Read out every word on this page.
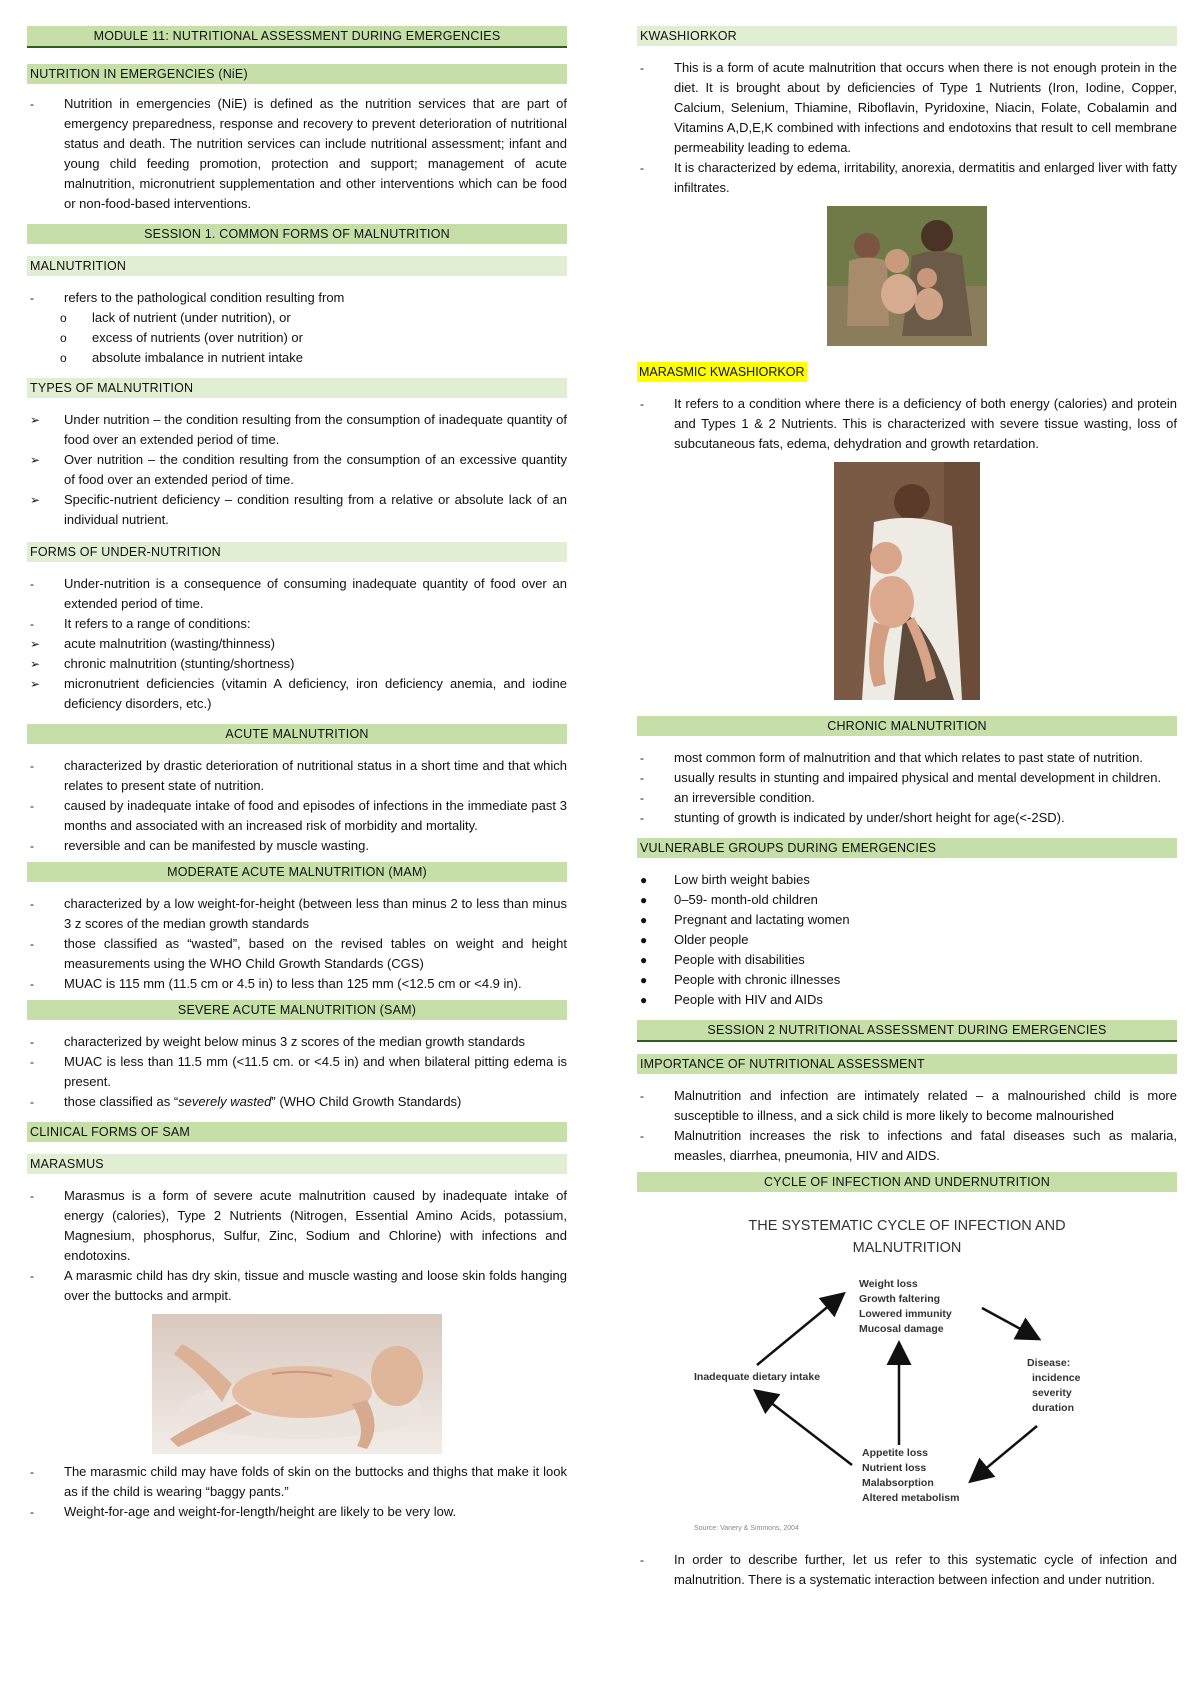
MODULE 11: NUTRITIONAL ASSESSMENT DURING EMERGENCIES
NUTRITION IN EMERGENCIES (NiE)
-	Nutrition in emergencies (NiE) is defined as the nutrition services that are part of emergency preparedness, response and recovery to prevent deterioration of nutritional status and death. The nutrition services can include nutritional assessment; infant and young child feeding promotion, protection and support; management of acute malnutrition, micronutrient supplementation and other interventions which can be food or non-food-based interventions.
SESSION 1. COMMON FORMS OF MALNUTRITION
MALNUTRITION
-	refers to the pathological condition resulting from
o	lack of nutrient (under nutrition), or
o	excess of nutrients (over nutrition) or
o	absolute imbalance in nutrient intake
TYPES OF MALNUTRITION
➢	Under nutrition – the condition resulting from the consumption of inadequate quantity of food over an extended period of time.
➢	Over nutrition – the condition resulting from the consumption of an excessive quantity of food over an extended period of time.
➢	Specific-nutrient deficiency – condition resulting from a relative or absolute lack of an individual nutrient.
FORMS OF UNDER-NUTRITION
-	Under-nutrition is a consequence of consuming inadequate quantity of food over an extended period of time.
-	It refers to a range of conditions:
➢	acute malnutrition (wasting/thinness)
➢	chronic malnutrition (stunting/shortness)
➢	micronutrient deficiencies (vitamin A deficiency, iron deficiency anemia, and iodine deficiency disorders, etc.)
ACUTE MALNUTRITION
-	characterized by drastic deterioration of nutritional status in a short time and that which relates to present state of nutrition.
-	caused by inadequate intake of food and episodes of infections in the immediate past 3 months and associated with an increased risk of morbidity and mortality.
-	reversible and can be manifested by muscle wasting.
MODERATE ACUTE MALNUTRITION (MAM)
-	characterized by a low weight-for-height (between less than minus 2 to less than minus 3 z scores of the median growth standards
-	those classified as “wasted”, based on the revised tables on weight and height measurements using the WHO Child Growth Standards (CGS)
-	MUAC is 115 mm (11.5 cm or 4.5 in) to less than 125 mm (<12.5 cm or <4.9 in).
SEVERE ACUTE MALNUTRITION (SAM)
-	characterized by weight below minus 3 z scores of the median growth standards
-	MUAC is less than 11.5 mm (<11.5 cm. or <4.5 in) and when bilateral pitting edema is present.
-	those classified as “severely wasted” (WHO Child Growth Standards)
CLINICAL FORMS OF SAM
MARASMUS
-	Marasmus is a form of severe acute malnutrition caused by inadequate intake of energy (calories), Type 2 Nutrients (Nitrogen, Essential Amino Acids, potassium, Magnesium, phosphorus, Sulfur, Zinc, Sodium and Chlorine) with infections and endotoxins.
-	A marasmic child has dry skin, tissue and muscle wasting and loose skin folds hanging over the buttocks and armpit.
-	The marasmic child may have folds of skin on the buttocks and thighs that make it look as if the child is wearing “baggy pants.”
-	Weight-for-age and weight-for-length/height are likely to be very low.
KWASHIORKOR
-	This is a form of acute malnutrition that occurs when there is not enough protein in the diet. It is brought about by deficiencies of Type 1 Nutrients (Iron, Iodine, Copper, Calcium, Selenium, Thiamine, Riboflavin, Pyridoxine, Niacin, Folate, Cobalamin and Vitamins A,D,E,K combined with infections and endotoxins that result to cell membrane permeability leading to edema.
-	It is characterized by edema, irritability, anorexia, dermatitis and enlarged liver with fatty infiltrates.
MARASMIC KWASHIORKOR
-	It refers to a condition where there is a deficiency of both energy (calories) and protein and Types 1 & 2 Nutrients. This is characterized with severe tissue wasting, loss of subcutaneous fats, edema, dehydration and growth retardation.
CHRONIC MALNUTRITION
-	most common form of malnutrition and that which relates to past state of nutrition.
-	usually results in stunting and impaired physical and mental development in children.
-	an irreversible condition.
-	stunting of growth is indicated by under/short height for age(<-2SD).
VULNERABLE GROUPS DURING EMERGENCIES
●	Low birth weight babies
●	0–59- month-old children
●	Pregnant and lactating women
●	Older people
●	People with disabilities
●	People with chronic illnesses
●	People with HIV and AIDs
SESSION 2 NUTRITIONAL ASSESSMENT DURING EMERGENCIES
IMPORTANCE OF NUTRITIONAL ASSESSMENT
-	Malnutrition and infection are intimately related – a malnourished child is more susceptible to illness, and a sick child is more likely to become malnourished
-	Malnutrition increases the risk to infections and fatal diseases such as malaria, measles, diarrhea, pneumonia, HIV and AIDS.
CYCLE OF INFECTION AND UNDERNUTRITION
THE SYSTEMATIC CYCLE OF INFECTION AND
MALNUTRITION
Weight loss
Growth faltering
Lowered immunity
Mucosal damage
Inadequate dietary intake
Disease:
incidence
severity
duration
Appetite loss
Nutrient loss
Malabsorption
Altered metabolism
Source: Vanery & Simmons, 2004
-	In order to describe further, let us refer to this systematic cycle of infection and malnutrition. There is a systematic interaction between infection and under nutrition.
